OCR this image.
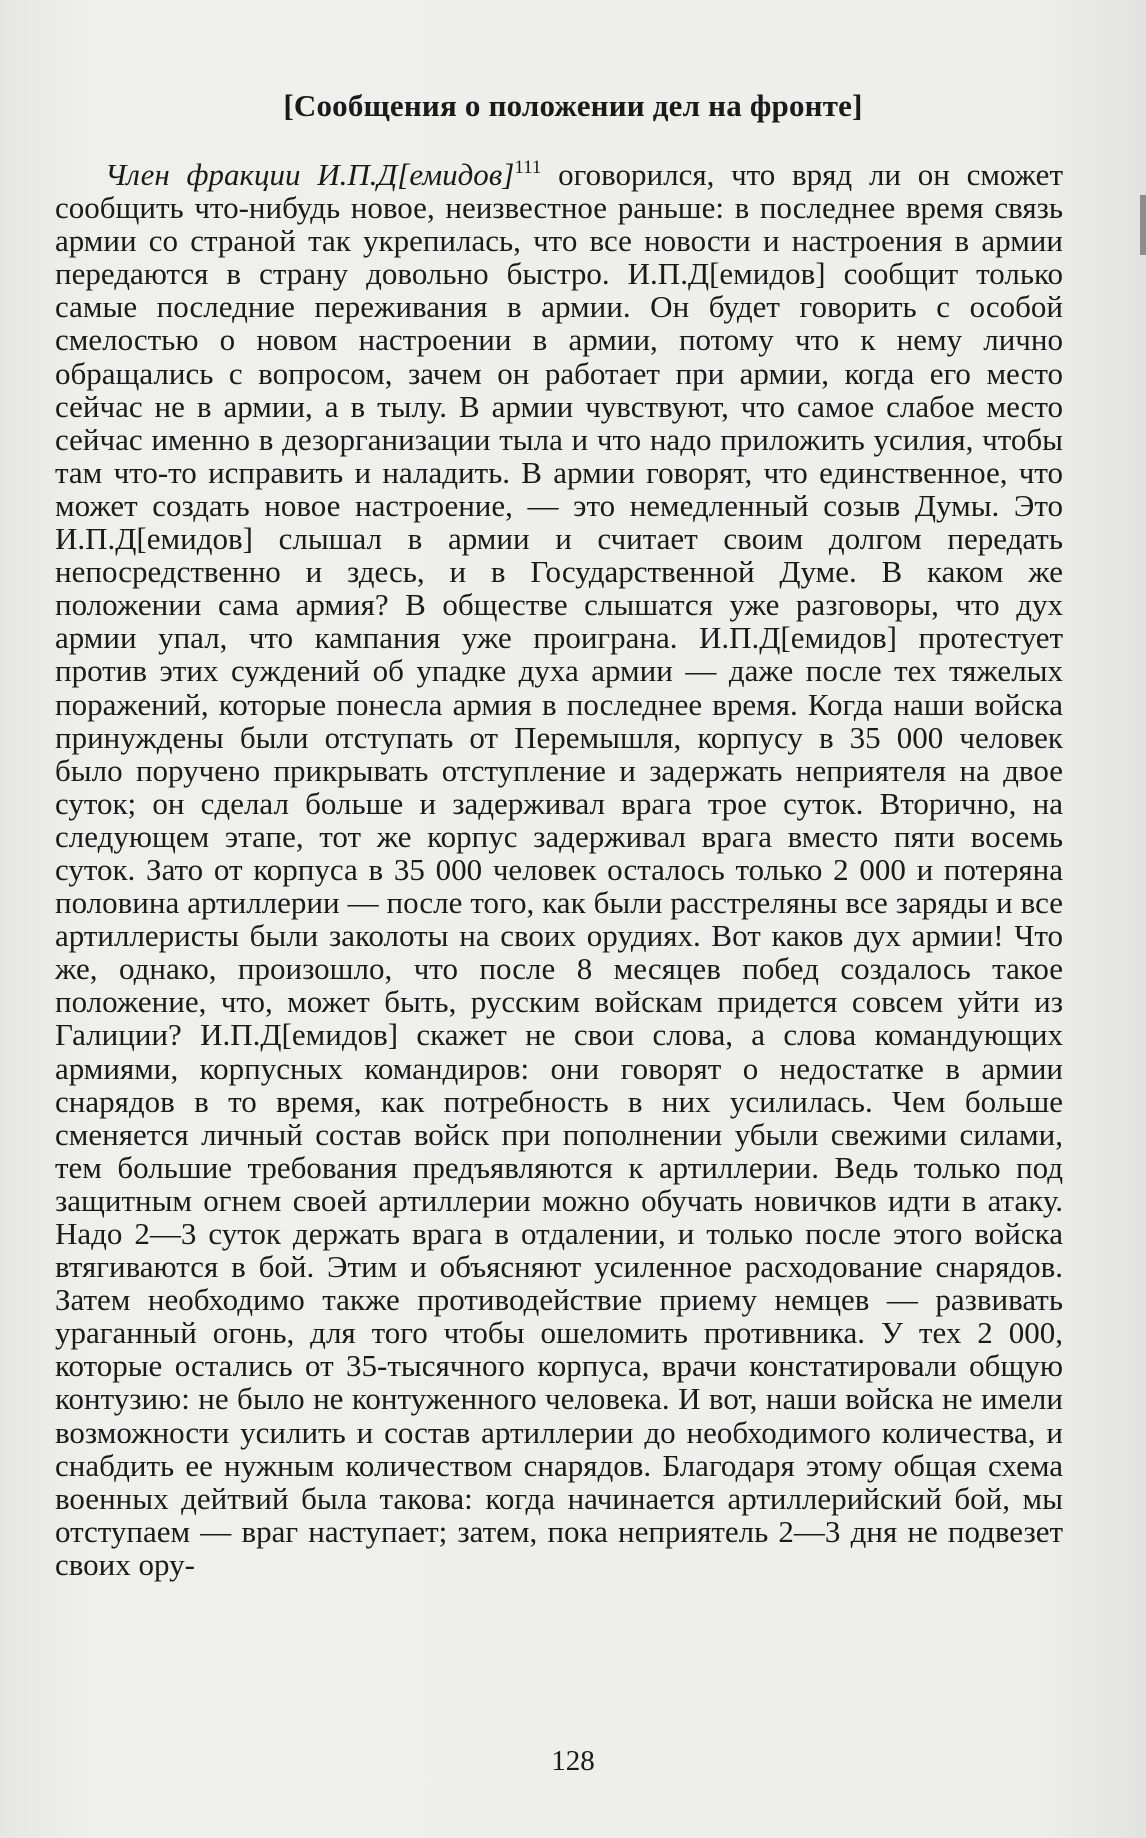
[Сообщения о положении дел на фронте]

Член фракции И.П.Д[емидов]$^{111}$ оговорился, что вряд ли он сможет сообщить что-нибудь новое, неизвестное раньше: в последнее время связь армии со страной так укрепилась, что все новости и настроения в армии передаются в страну довольно быстро. И.П.Д[емидов] сообщит только самые последние переживания в армии. Он будет говорить с особой смелостью о новом настроении в армии, потому что к нему лично обращались с вопросом, зачем он работает при армии, когда его место сейчас не в армии, а в тылу. В армии чувствуют, что самое слабое место сейчас именно в дезорганизации тыла и что надо приложить усилия, чтобы там что-то исправить и наладить. В армии говорят, что единственное, что может создать новое настроение, — это немедленный созыв Думы. Это И.П.Д[емидов] слышал в армии и считает своим долгом передать непосредственно и здесь, и в Государственной Думе. В каком же положении сама армия? В обществе слышатся уже разговоры, что дух армии упал, что кампания уже проиграна. И.П.Д[емидов] протестует против этих суждений об упадке духа армии — даже после тех тяжелых поражений, которые понесла армия в последнее время. Когда наши войска принуждены были отступать от Перемышля, корпусу в 35 000 человек было поручено прикрывать отступление и задержать неприятеля на двое суток; он сделал больше и задерживал врага трое суток. Вторично, на следующем этапе, тот же корпус задерживал врага вместо пяти восемь суток. Зато от корпуса в 35 000 человек осталось только 2 000 и потеряна половина артиллерии — после того, как были расстреляны все заряды и все артиллеристы были заколоты на своих орудиях. Вот каков дух армии! Что же, однако, произошло, что после 8 месяцев побед создалось такое положение, что, может быть, русским войскам придется совсем уйти из Галиции? И.П.Д[емидов] скажет не свои слова, а слова командующих армиями, корпусных командиров: они говорят о недостатке в армии снарядов в то время, как потребность в них усилилась. Чем больше сменяется личный состав войск при пополнении убыли свежими силами, тем большие требования предъявляются к артиллерии. Ведь только под защитным огнем своей артиллерии можно обучать новичков идти в атаку. Надо 2—3 суток держать врага в отдалении, и только после этого войска втягиваются в бой. Этим и объясняют усиленное расходование снарядов. Затем необходимо также противодействие приему немцев — развивать ураганный огонь, для того чтобы ошеломить противника. У тех 2 000, которые остались от 35-тысячного корпуса, врачи констатировали общую контузию: не было не контуженного человека. И вот, наши войска не имели возможности усилить и состав артиллерии до необходимого количества, и снабдить ее нужным количеством снарядов. Благодаря этому общая схема военных дейтвий была такова: когда начинается артиллерийский бой, мы отступаем — враг наступает; затем, пока неприятель 2—3 дня не подвезет своих ору-

128
